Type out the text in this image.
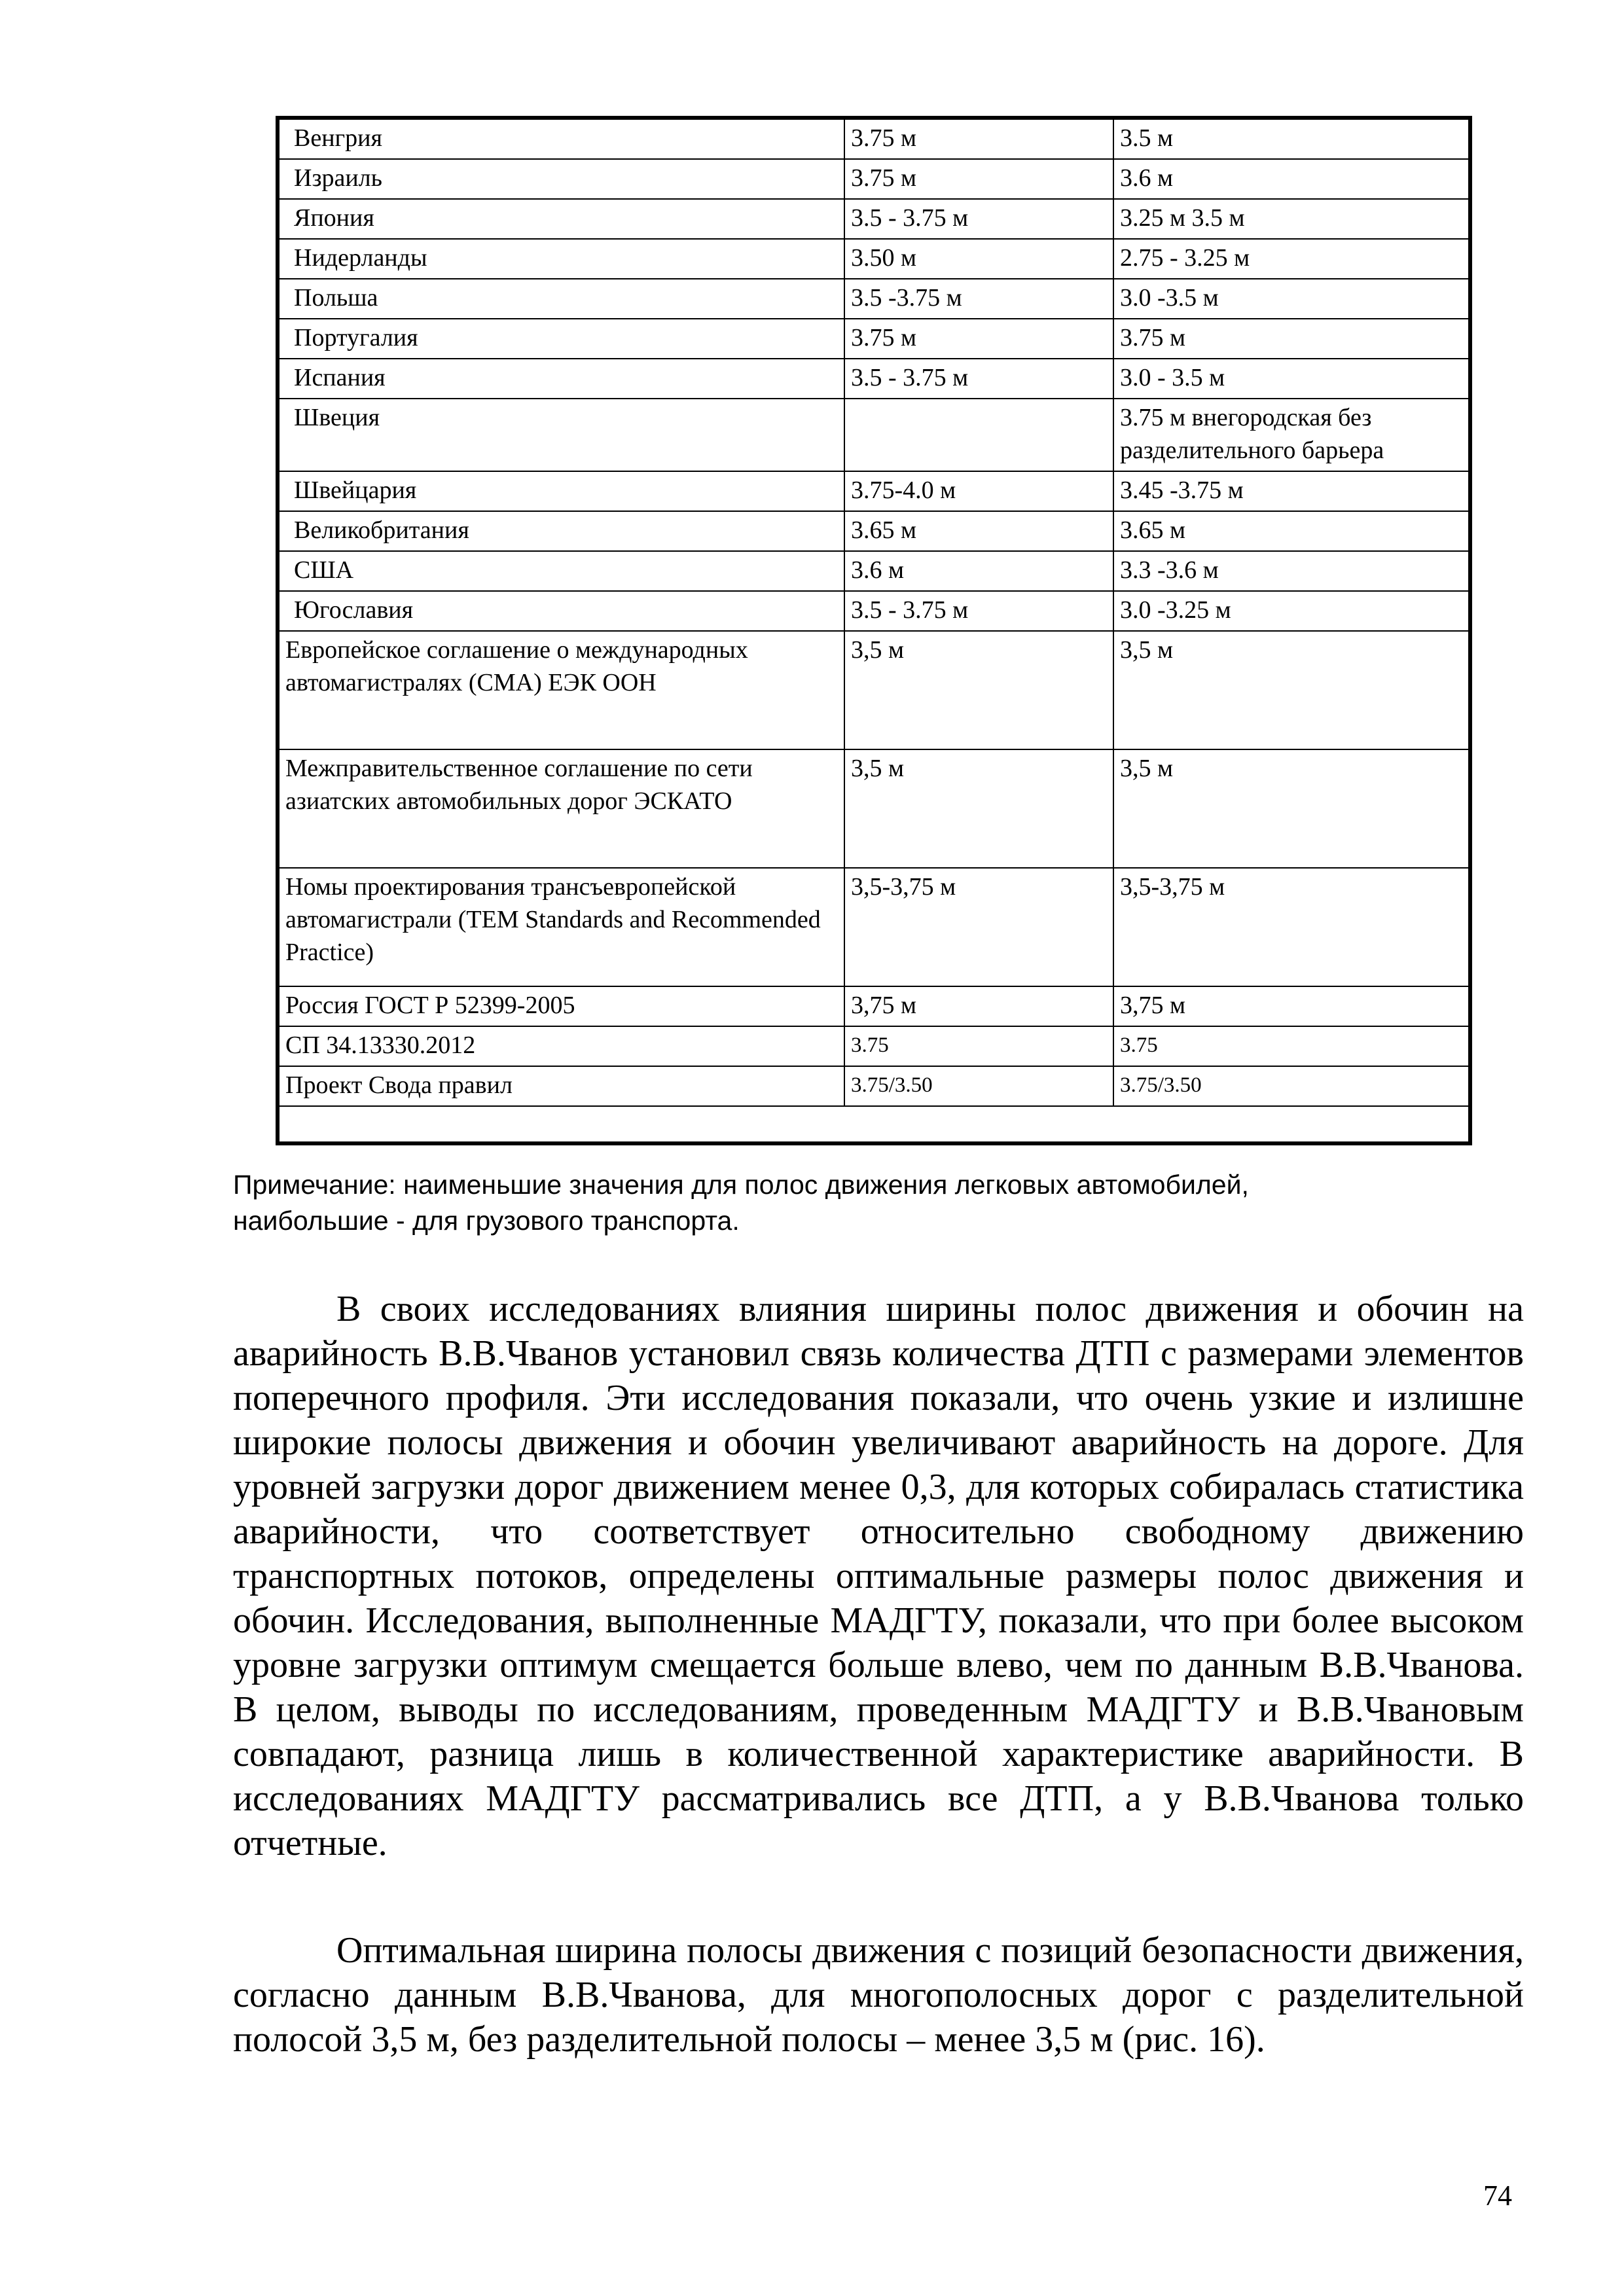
Венгрия	3.75 м	3.5 м
Израиль	3.75 м	3.6 м
Япония	3.5 - 3.75 м	3.25 м 3.5 м
Нидерланды	3.50 м	2.75 - 3.25 м
Польша	3.5 -3.75 м	3.0 -3.5 м
Португалия	3.75 м	3.75 м
Испания	3.5 - 3.75 м	3.0 - 3.5 м
Швеция		3.75 м внегородская без разделительного барьера
Швейцария	3.75-4.0 м	3.45 -3.75 м
Великобритания	3.65 м	3.65 м
США	3.6 м	3.3 -3.6 м
Югославия	3.5 - 3.75 м	3.0 -3.25 м
Европейское соглашение о международных автомагистралях (СМА) ЕЭК ООН	3,5 м	3,5 м
Межправительственное соглашение по сети азиатских автомобильных дорог ЭСКАТО	3,5 м	3,5 м
Номы проектирования трансъевропейской автомагистрали (TEM Standards and Recommended Practice)	3,5-3,75 м	3,5-3,75 м
Россия ГОСТ Р 52399-2005	3,75 м	3,75 м
СП 34.13330.2012	3.75	3.75
Проект Свода правил	3.75/3.50	3.75/3.50

Примечание: наименьшие значения для полос движения легковых автомобилей,
наибольшие - для грузового транспорта.

В своих исследованиях влияния ширины полос движения и обочин на аварийность В.В.Чванов установил связь количества ДТП с размерами элементов поперечного профиля. Эти исследования показали, что очень узкие и излишне широкие полосы движения и обочин увеличивают аварийность на дороге. Для уровней загрузки дорог движением менее 0,3, для которых собиралась статистика аварийности, что соответствует относительно свободному движению транспортных потоков, определены оптимальные размеры полос движения и обочин. Исследования, выполненные МАДГТУ, показали, что при более высоком уровне загрузки оптимум смещается больше влево, чем по данным В.В.Чванова. В целом, выводы по исследованиям, проведенным МАДГТУ и В.В.Чвановым совпадают, разница лишь в количественной характеристике аварийности. В исследованиях МАДГТУ рассматривались все ДТП, а у В.В.Чванова только отчетные.

Оптимальная ширина полосы движения с позиций безопасности движения, согласно данным В.В.Чванова, для многополосных дорог с разделительной полосой 3,5 м, без разделительной полосы – менее 3,5 м (рис. 16).

74
